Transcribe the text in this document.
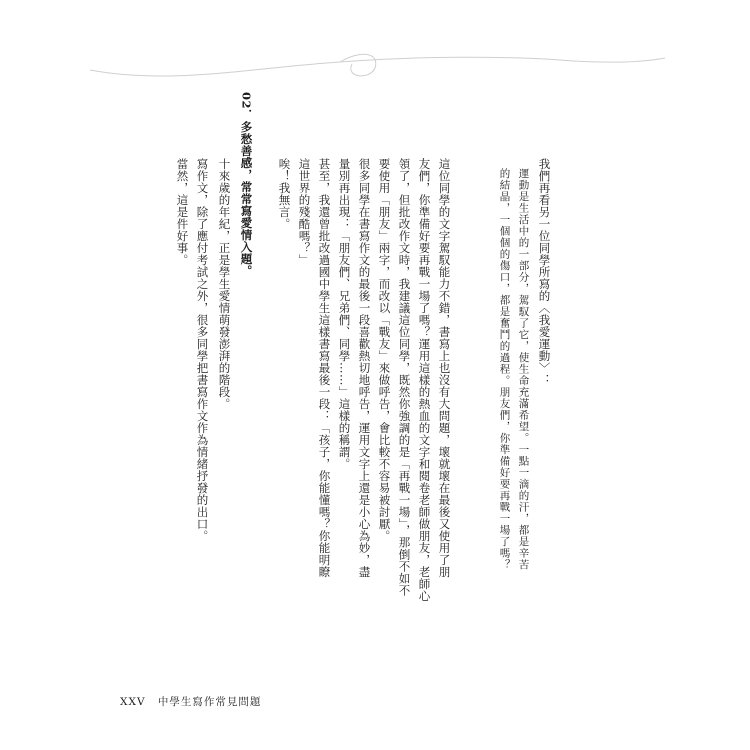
我們再看另一位同學所寫的〈我愛運動〉：
運動是生活中的一部分，駕馭了它，使生命充滿希望。一點一滴的汗，都是辛苦
的結晶，一個個的傷口，都是奮鬥的過程。朋友們，你準備好要再戰一場了嗎？
這位同學的文字駕馭能力不錯，書寫上也沒有大問題，壞就壞在最後又使用了朋
友們，你準備好要再戰一場了嗎？運用這樣的熱血的文字和閱卷老師做朋友，老師心
領了，但批改作文時，我建議這位同學，既然你強調的是「再戰一場」，那倒不如不
要使用「朋友」兩字，而改以「戰友」來做呼告，會比較不容易被討厭。
很多同學在書寫作文的最後一段喜歡熱切地呼告，運用文字上還是小心為妙，盡
量別再出現：「朋友們、兄弟們、同學……」這樣的稱謂。
甚至，我還曾批改過國中學生這樣書寫最後一段：「孩子，你能懂嗎？你能明瞭
這世界的殘酷嗎？」
唉！我無言。
02．多愁善感，常常寫愛情入題。
十來歲的年紀，正是學生愛情萌發澎湃的階段。
寫作文，除了應付考試之外，很多同學把書寫作文作為情緒抒發的出口。
當然，這是件好事。
XXV 中學生寫作常見問題
